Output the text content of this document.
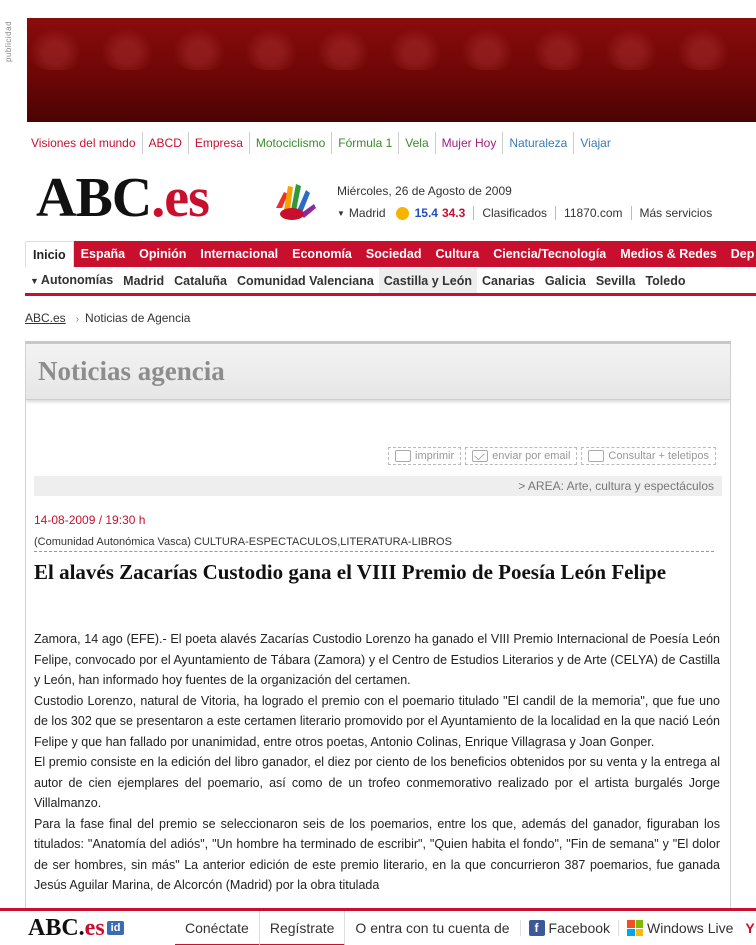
publicidad
Visiones del mundo	ABCD	Empresa	Motociclismo	Fórmula 1	Vela	Mujer Hoy	Naturaleza	Viajar
ABC.es	Miércoles, 26 de Agosto de 2009
▼ Madrid 15.4 34.3 Clasificados 11870.com Más servicios
Inicio	España	Opinión	Internacional	Economía	Sociedad	Cultura	Ciencia/Tecnología	Medios & Redes	Dep
▼ Autonomías Madrid Cataluña Comunidad Valenciana Castilla y León Canarias Galicia Sevilla Toledo
ABC.es › Noticias de Agencia
Noticias agencia
imprimir	enviar por email	Consultar + teletipos
> AREA: Arte, cultura y espectáculos
14-08-2009 / 19:30 h
(Comunidad Autonómica Vasca) CULTURA-ESPECTACULOS,LITERATURA-LIBROS
El alavés Zacarías Custodio gana el VIII Premio de Poesía León Felipe

Zamora, 14 ago (EFE).- El poeta alavés Zacarías Custodio Lorenzo ha ganado el VIII Premio Internacional de Poesía León Felipe, convocado por el Ayuntamiento de Tábara (Zamora) y el Centro de Estudios Literarios y de Arte (CELYA) de Castilla y León, han informado hoy fuentes de la organización del certamen.

Custodio Lorenzo, natural de Vitoria, ha logrado el premio con el poemario titulado "El candil de la memoria", que fue uno de los 302 que se presentaron a este certamen literario promovido por el Ayuntamiento de la localidad en la que nació León Felipe y que han fallado por unanimidad, entre otros poetas, Antonio Colinas, Enrique Villagrasa y Joan Gonper.

El premio consiste en la edición del libro ganador, el diez por ciento de los beneficios obtenidos por su venta y la entrega al autor de cien ejemplares del poemario, así como de un trofeo conmemorativo realizado por el artista burgalés Jorge Villalmanzo.

Para la fase final del premio se seleccionaron seis de los poemarios, entre los que, además del ganador, figuraban los titulados: "Anatomía del adiós", "Un hombre ha terminado de escribir", "Quien habita el fondo", "Fin de semana" y "El dolor de ser hombres, sin más" La anterior edición de este premio literario, en la que concurrieron 387 poemarios, fue ganada Jesús Aguilar Marina, de Alcorcón (Madrid) por la obra titulada

ABC. es id	Conéctate	Regístrate	O entra con tu cuenta de	f Facebook	Windows Live Y
